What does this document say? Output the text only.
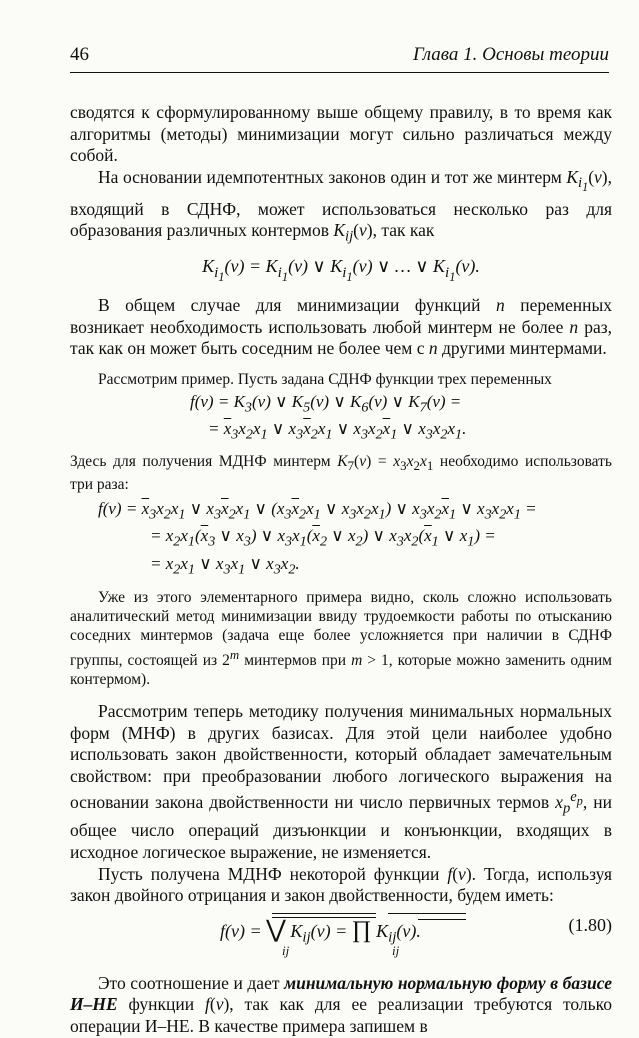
46	Глава 1. Основы теории

сводятся к сформулированному выше общему правилу, в то время как алгоритмы (методы) минимизации могут сильно различаться между собой.

На основании идемпотентных законов один и тот же минтерм $K_{i_1}(\nu)$, входящий в СДНФ, может использоваться несколько раз для образования различных контермов $K_{ij}(\nu)$, так как

$K_{i_1}(\nu) = K_{i_1}(\nu)$ ∨ $K_{i_1}(\nu)$ ∨ … ∨ $K_{i_1}(\nu)$.

В общем случае для минимизации функций n переменных возникает необходимость использовать любой минтерм не более n раз, так как он может быть соседним не более чем с n другими минтермами.

Рассмотрим пример. Пусть задана СДНФ функции трех переменных

$f(\nu) = K_3(\nu)$ ∨ $K_5(\nu)$ ∨ $K_6(\nu)$ ∨ $K_7(\nu)$ =
= $\overline{x}_3x_2x_1$ ∨ $x_3\overline{x}_2x_1$ ∨ $x_3x_2\overline{x}_1$ ∨ $x_3x_2x_1$.

Здесь для получения МДНФ минтерм $K_7(\nu) = x_3x_2x_1$ необходимо использовать три раза:

$f(\nu) = \overline{x}_3x_2x_1$ ∨ $x_3\overline{x}_2x_1$ ∨ ($x_3\overline{x}_2x_1$ ∨ $x_3x_2x_1$) ∨ $x_3x_2\overline{x}_1$ ∨ $x_3x_2x_1$ =
= $x_2x_1(\overline{x}_3$ ∨ $x_3$) ∨ $x_3x_1(\overline{x}_2$ ∨ $x_2$) ∨ $x_3x_2(\overline{x}_1$ ∨ $x_1$) =
= $x_2x_1$ ∨ $x_3x_1$ ∨ $x_3x_2$.

Уже из этого элементарного примера видно, сколь сложно использовать аналитический метод минимизации ввиду трудоемкости работы по отысканию соседних минтермов (задача еще более усложняется при наличии в СДНФ группы, состоящей из 2$^m$ минтермов при m > 1, которые можно заменить одним контермом).

Рассмотрим теперь методику получения минимальных нормальных форм (МНФ) в других базисах. Для этой цели наиболее удобно использовать закон двойственности, который обладает замечательным свойством: при преобразовании любого логического выражения на основании закона двойственности ни число первичных термов $x_p^{e_p}$, ни общее число операций дизъюнкции и конъюнкции, входящих в исходное логическое выражение, не изменяется.

Пусть получена МДНФ некоторой функции f(ν). Тогда, используя закон двойного отрицания и закон двойственности, будем иметь:

f(ν) = ⋁ $K_{ij}(\nu)$ = ∏ $K_{ij}(\nu)$.
ij	ij
(1.80)

Это соотношение и дает минимальную нормальную форму в базисе И–НЕ функции f(ν), так как для ее реализации требуются только операции И–НЕ. В качестве примера запишем в
